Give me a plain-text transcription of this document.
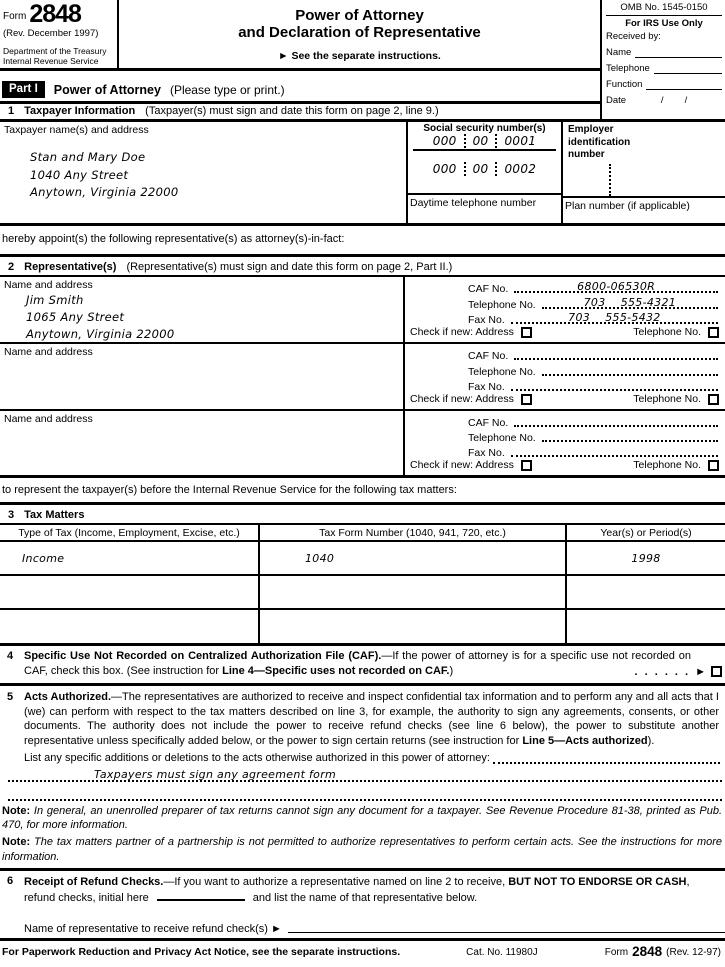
Form 2848
(Rev. December 1997)
Department of the Treasury
Internal Revenue Service
Power of Attorney
and Declaration of Representative
► See the separate instructions.
Part I	Power of Attorney (Please type or print.)
1 Taxpayer Information (Taxpayer(s) must sign and date this form on page 2, line 9.)
OMB No. 1545-0150
For IRS Use Only
Received by:
Name
Telephone
Function
Date	/        /
Taxpayer name(s) and address
Stan and Mary Doe
1040 Any Street
Anytown, Virginia 22000
Social security number(s)
000	00	0001
000	00	0002
Daytime telephone number
Employer identification number
Plan number (if applicable)
hereby appoint(s) the following representative(s) as attorney(s)-in-fact:
2 Representative(s) (Representative(s) must sign and date this form on page 2, Part II.)
Name and address
Jim Smith
1065 Any Street
Anytown, Virginia 22000
CAF No.	6800-06530R
Telephone No.	703    555-4321
Fax No.	703    555-5432
Check if new: Address	Telephone No.
Name and address	CAF No.
Telephone No.
Fax No.
Check if new: Address	Telephone No.
Name and address	CAF No.
Telephone No.
Fax No.
Check if new: Address	Telephone No.
to represent the taxpayer(s) before the Internal Revenue Service for the following tax matters:
3 Tax Matters
Type of Tax (Income, Employment, Excise, etc.)	Tax Form Number (1040, 941, 720, etc.)	Year(s) or Period(s)
Income	1040	1998
4 Specific Use Not Recorded on Centralized Authorization File (CAF).—If the power of attorney is for a specific use not recorded on CAF, check this box. (See instruction for Line 4—Specific uses not recorded on CAF.)	. . . . . . ►
5 Acts Authorized.—The representatives are authorized to receive and inspect confidential tax information and to perform any and all acts that I (we) can perform with respect to the tax matters described on line 3, for example, the authority to sign any agreements, consents, or other documents. The authority does not include the power to receive refund checks (see line 6 below), the power to substitute another representative unless specifically added below, or the power to sign certain returns (see instruction for Line 5—Acts authorized).

List any specific additions or deletions to the acts otherwise authorized in this power of attorney:
Taxpayers must sign any agreement form
Note: In general, an unenrolled preparer of tax returns cannot sign any document for a taxpayer. See Revenue Procedure 81-38, printed as Pub. 470, for more information.
Note: The tax matters partner of a partnership is not permitted to authorize representatives to perform certain acts. See the instructions for more information.
6 Receipt of Refund Checks.—If you want to authorize a representative named on line 2 to receive, BUT NOT TO ENDORSE OR CASH, refund checks, initial here	and list the name of that representative below.
Name of representative to receive refund check(s) ►
For Paperwork Reduction and Privacy Act Notice, see the separate instructions.	Cat. No. 11980J	Form 2848 (Rev. 12-97)
